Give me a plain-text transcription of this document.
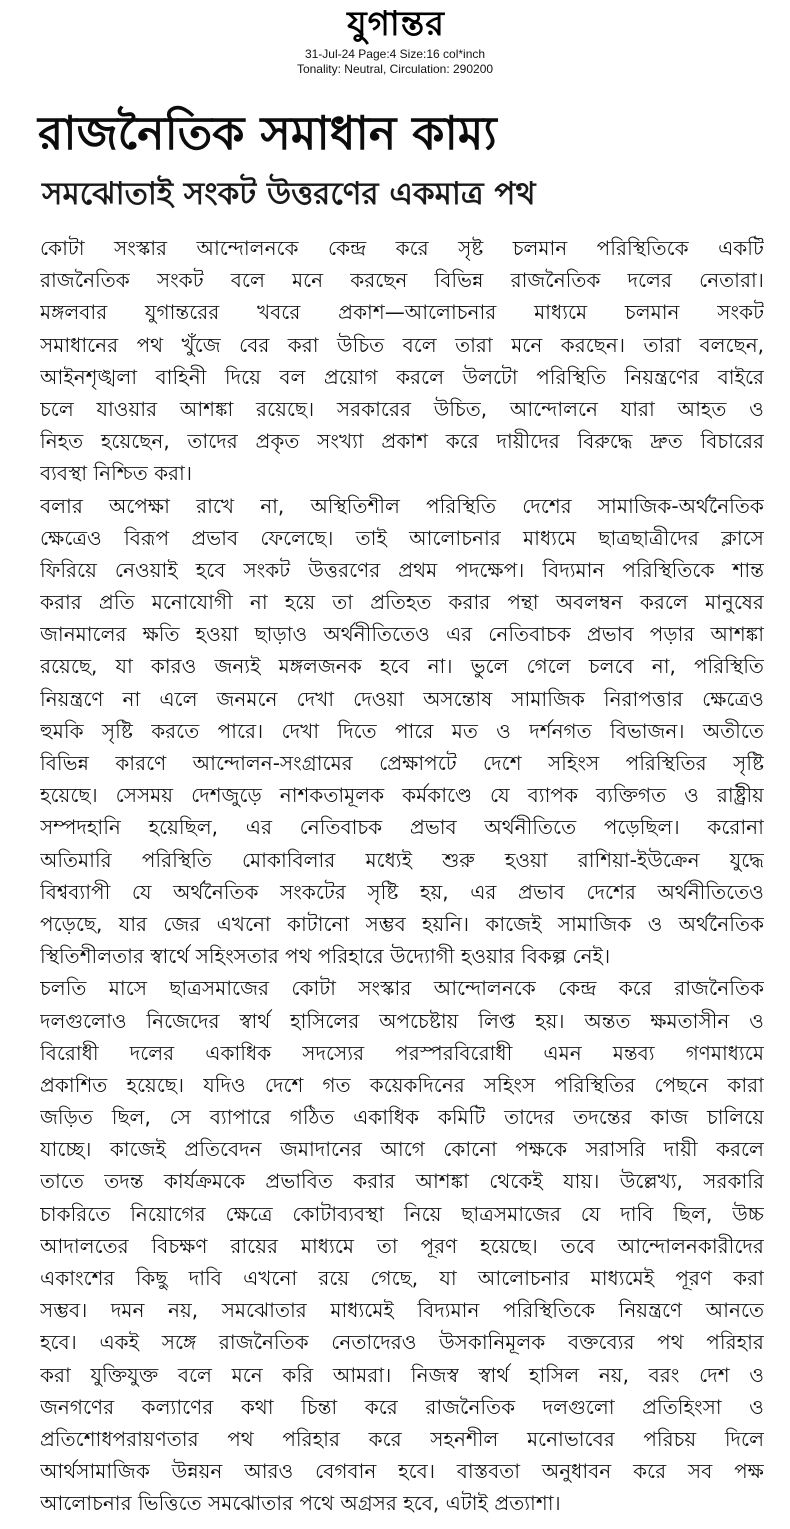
যুগান্তর
31-Jul-24 Page:4 Size:16 col*inch
Tonality: Neutral, Circulation: 290200
রাজনৈতিক সমাধান কাম্য
সমঝোতাই সংকট উত্তরণের একমাত্র পথ
কোটা সংস্কার আন্দোলনকে কেন্দ্র করে সৃষ্ট চলমান পরিস্থিতিকে একটি
রাজনৈতিক সংকট বলে মনে করছেন বিভিন্ন রাজনৈতিক দলের নেতারা।
মঙ্গলবার যুগান্তরের খবরে প্রকাশ—আলোচনার মাধ্যমে চলমান সংকট
সমাধানের পথ খুঁজে বের করা উচিত বলে তারা মনে করছেন। তারা বলছেন,
আইনশৃঙ্খলা বাহিনী দিয়ে বল প্রয়োগ করলে উলটো পরিস্থিতি নিয়ন্ত্রণের বাইরে
চলে যাওয়ার আশঙ্কা রয়েছে। সরকারের উচিত, আন্দোলনে যারা আহত ও
নিহত হয়েছেন, তাদের প্রকৃত সংখ্যা প্রকাশ করে দায়ীদের বিরুদ্ধে দ্রুত বিচারের
ব্যবস্থা নিশ্চিত করা।
বলার অপেক্ষা রাখে না, অস্থিতিশীল পরিস্থিতি দেশের সামাজিক-অর্থনৈতিক
ক্ষেত্রেও বিরূপ প্রভাব ফেলেছে। তাই আলোচনার মাধ্যমে ছাত্রছাত্রীদের ক্লাসে
ফিরিয়ে নেওয়াই হবে সংকট উত্তরণের প্রথম পদক্ষেপ। বিদ্যমান পরিস্থিতিকে শান্ত
করার প্রতি মনোযোগী না হয়ে তা প্রতিহত করার পন্থা অবলম্বন করলে মানুষের
জানমালের ক্ষতি হওয়া ছাড়াও অর্থনীতিতেও এর নেতিবাচক প্রভাব পড়ার আশঙ্কা
রয়েছে, যা কারও জন্যই মঙ্গলজনক হবে না। ভুলে গেলে চলবে না, পরিস্থিতি
নিয়ন্ত্রণে না এলে জনমনে দেখা দেওয়া অসন্তোষ সামাজিক নিরাপত্তার ক্ষেত্রেও
হুমকি সৃষ্টি করতে পারে। দেখা দিতে পারে মত ও দর্শনগত বিভাজন। অতীতে
বিভিন্ন কারণে আন্দোলন-সংগ্রামের প্রেক্ষাপটে দেশে সহিংস পরিস্থিতির সৃষ্টি
হয়েছে। সেসময় দেশজুড়ে নাশকতামূলক কর্মকাণ্ডে যে ব্যাপক ব্যক্তিগত ও রাষ্ট্রীয়
সম্পদহানি হয়েছিল, এর নেতিবাচক প্রভাব অর্থনীতিতে পড়েছিল। করোনা
অতিমারি পরিস্থিতি মোকাবিলার মধ্যেই শুরু হওয়া রাশিয়া-ইউক্রেন যুদ্ধে
বিশ্বব্যাপী যে অর্থনৈতিক সংকটের সৃষ্টি হয়, এর প্রভাব দেশের অর্থনীতিতেও
পড়েছে, যার জের এখনো কাটানো সম্ভব হয়নি। কাজেই সামাজিক ও অর্থনৈতিক
স্থিতিশীলতার স্বার্থে সহিংসতার পথ পরিহারে উদ্যোগী হওয়ার বিকল্প নেই।
চলতি মাসে ছাত্রসমাজের কোটা সংস্কার আন্দোলনকে কেন্দ্র করে রাজনৈতিক
দলগুলোও নিজেদের স্বার্থ হাসিলের অপচেষ্টায় লিপ্ত হয়। অন্তত ক্ষমতাসীন ও
বিরোধী দলের একাধিক সদস্যের পরস্পরবিরোধী এমন মন্তব্য গণমাধ্যমে
প্রকাশিত হয়েছে। যদিও দেশে গত কয়েকদিনের সহিংস পরিস্থিতির পেছনে কারা
জড়িত ছিল, সে ব্যাপারে গঠিত একাধিক কমিটি তাদের তদন্তের কাজ চালিয়ে
যাচ্ছে। কাজেই প্রতিবেদন জমাদানের আগে কোনো পক্ষকে সরাসরি দায়ী করলে
তাতে তদন্ত কার্যক্রমকে প্রভাবিত করার আশঙ্কা থেকেই যায়। উল্লেখ্য, সরকারি
চাকরিতে নিয়োগের ক্ষেত্রে কোটাব্যবস্থা নিয়ে ছাত্রসমাজের যে দাবি ছিল, উচ্চ
আদালতের বিচক্ষণ রায়ের মাধ্যমে তা পূরণ হয়েছে। তবে আন্দোলনকারীদের
একাংশের কিছু দাবি এখনো রয়ে গেছে, যা আলোচনার মাধ্যমেই পূরণ করা
সম্ভব। দমন নয়, সমঝোতার মাধ্যমেই বিদ্যমান পরিস্থিতিকে নিয়ন্ত্রণে আনতে
হবে। একই সঙ্গে রাজনৈতিক নেতাদেরও উসকানিমূলক বক্তব্যের পথ পরিহার
করা যুক্তিযুক্ত বলে মনে করি আমরা। নিজস্ব স্বার্থ হাসিল নয়, বরং দেশ ও
জনগণের কল্যাণের কথা চিন্তা করে রাজনৈতিক দলগুলো প্রতিহিংসা ও
প্রতিশোধপরায়ণতার পথ পরিহার করে সহনশীল মনোভাবের পরিচয় দিলে
আর্থসামাজিক উন্নয়ন আরও বেগবান হবে। বাস্তবতা অনুধাবন করে সব পক্ষ
আলোচনার ভিত্তিতে সমঝোতার পথে অগ্রসর হবে, এটাই প্রত্যাশা।
